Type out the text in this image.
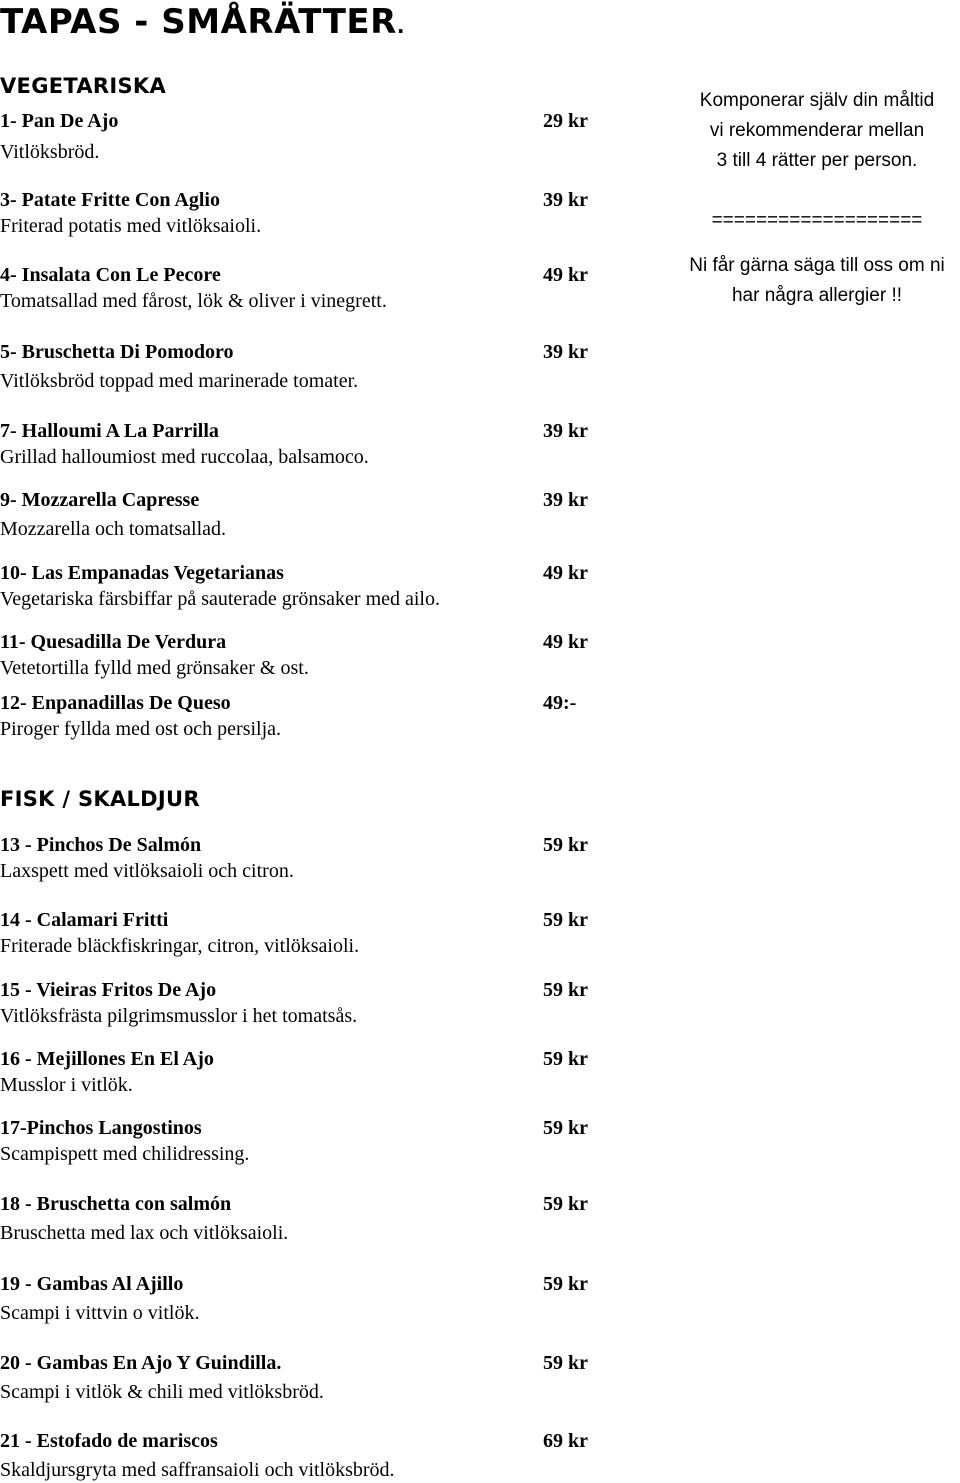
TAPAS - SMÅRÄTTER.
VEGETARISKA
1- Pan De Ajo	29 kr
Vitlöksbröd.
3- Patate Fritte Con Aglio	39 kr
Friterad potatis med vitlöksaioli.
4- Insalata Con Le Pecore	49 kr
Tomatsallad med fårost, lök & oliver i vinegrett.
5- Bruschetta Di Pomodoro	39 kr
Vitlöksbröd toppad med marinerade tomater.
7- Halloumi A La Parrilla	39 kr
Grillad halloumiost med ruccolaa, balsamoco.
9- Mozzarella Capresse	39 kr
Mozzarella och tomatsallad.
10- Las Empanadas Vegetarianas	49 kr
Vegetariska färsbiffar på sauterade grönsaker med ailo.
11- Quesadilla De Verdura	49 kr
Vetetortilla fylld med grönsaker & ost.
12- Enpanadillas De Queso	49:-
Piroger fyllda med ost och persilja.
FISK / SKALDJUR
13 - Pinchos De Salmón	59 kr
Laxspett med vitlöksaioli och citron.
14 - Calamari Fritti	59 kr
Friterade bläckfiskringar, citron, vitlöksaioli.
15 - Vieiras Fritos De Ajo	59 kr
Vitlöksfrästa pilgrimsmusslor i het tomatsås.
16 - Mejillones En El Ajo	59 kr
Musslor i vitlök.
17-Pinchos Langostinos	59 kr
Scampispett med chilidressing.
18 - Bruschetta con salmón	59 kr
Bruschetta med lax och vitlöksaioli.
19 - Gambas Al Ajillo	59 kr
Scampi i vittvin o vitlök.
20 - Gambas En Ajo Y Guindilla.	59 kr
Scampi i vitlök & chili med vitlöksbröd.
21 - Estofado de mariscos	69 kr
Skaldjursgryta med saffransaioli och vitlöksbröd.
Komponerar själv din måltid
vi rekommenderar mellan
3 till 4 rätter per person.
===================
Ni får gärna säga till oss om ni
har några allergier !!
